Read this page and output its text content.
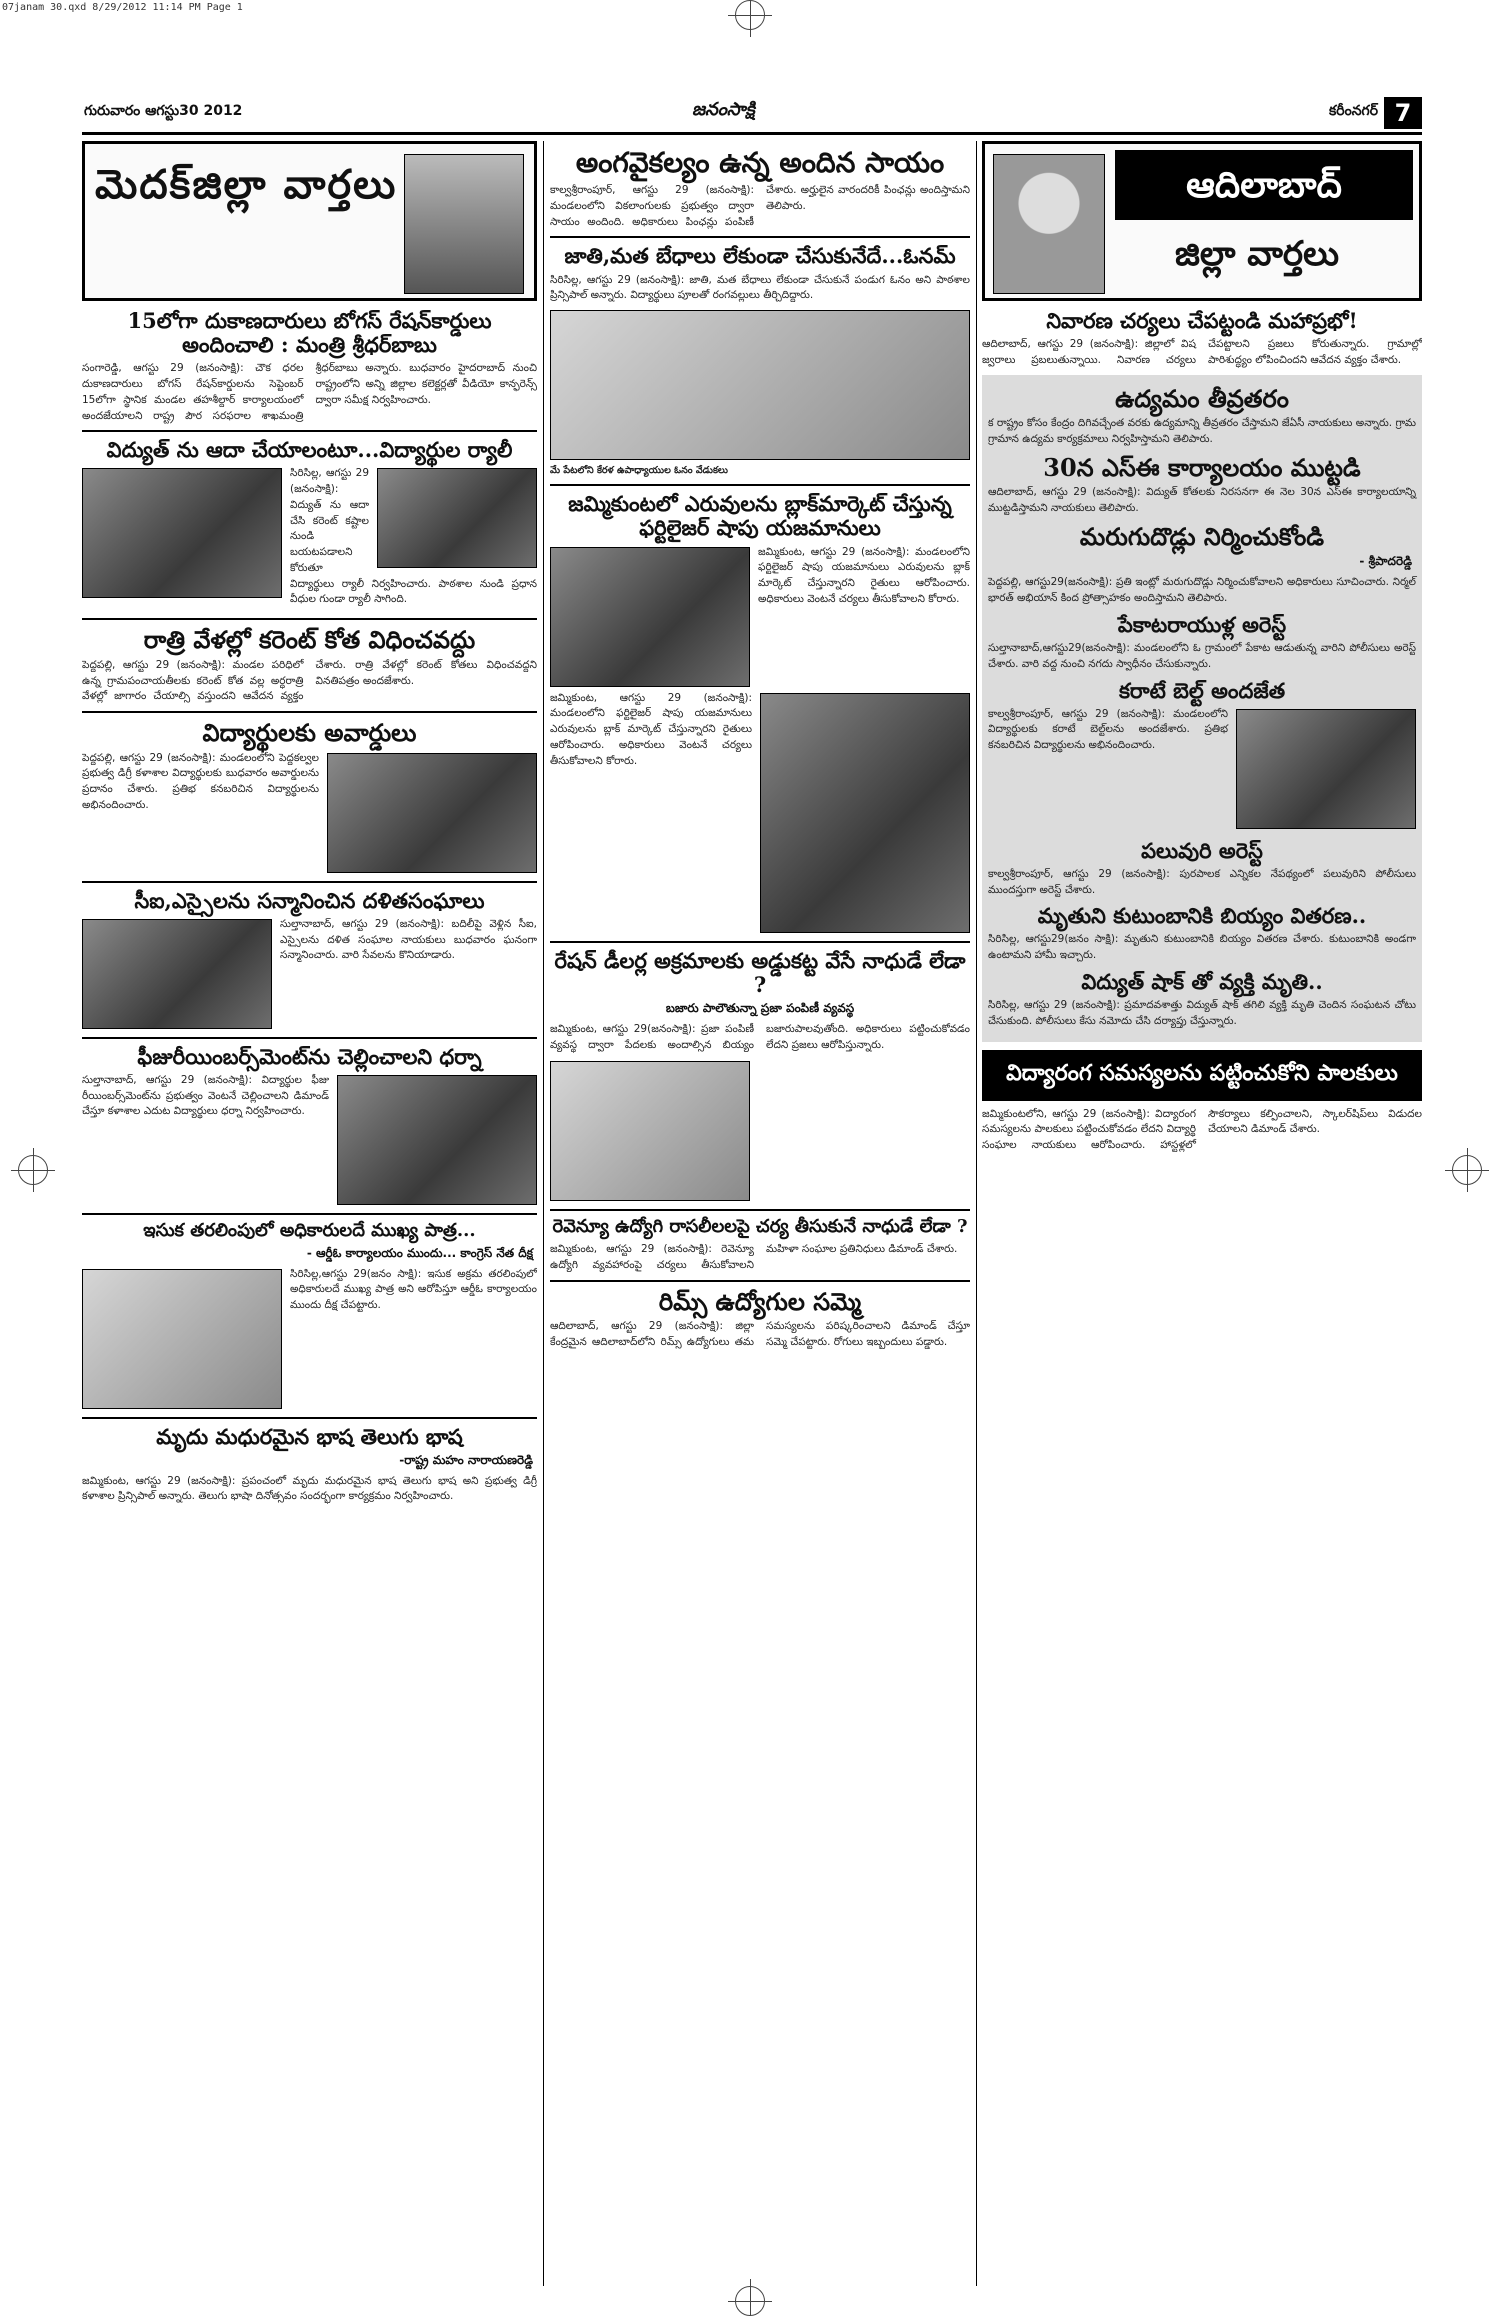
07janam 30.qxd 8/29/2012 11:14 PM Page 1
గురువారం ఆగస్టు30 2012	జనంసాక్షి	కరీంనగర్ 7
మెదక్‌జిల్లా వార్తలు
15లోగా దుకాణదారులు బోగస్ రేషన్‌కార్డులు అందించాలి : మంత్రి శ్రీధర్‌బాబు
సంగారెడ్డి, ఆగస్టు 29 (జనంసాక్షి): చౌక ధరల దుకాణదారులు బోగస్ రేషన్‌కార్డులను సెప్టెంబర్ 15లోగా స్థానిక మండల తహశీల్దార్ కార్యాలయంలో అందజేయాలని రాష్ట్ర పౌర సరఫరాల శాఖమంత్రి శ్రీధర్‌బాబు అన్నారు. బుధవారం హైదరాబాద్ నుంచి రాష్ట్రంలోని అన్ని జిల్లాల కలెక్టర్లతో వీడియో కాన్ఫరెన్స్ ద్వారా సమీక్ష నిర్వహించారు.
విద్యుత్ ను ఆదా చేయాలంటూ...విద్యార్థుల ర్యాలీ
సిరిసిల్ల, ఆగస్టు 29 (జనంసాక్షి): విద్యుత్ ను ఆదా చేసి కరెంట్ కష్టాల నుండి బయటపడాలని కోరుతూ విద్యార్థులు ర్యాలీ నిర్వహించారు. పాఠశాల నుండి ప్రధాన వీధుల గుండా ర్యాలీ సాగింది.
రాత్రి వేళల్లో కరెంట్ కోత విధించవద్దు
పెద్దపల్లి, ఆగస్టు 29 (జనంసాక్షి): మండల పరిధిలో ఉన్న గ్రామపంచాయతీలకు కరెంట్ కోత వల్ల అర్ధరాత్రి వేళల్లో జాగారం చేయాల్సి వస్తుందని ఆవేదన వ్యక్తం చేశారు. రాత్రి వేళల్లో కరెంట్ కోతలు విధించవద్దని వినతిపత్రం అందజేశారు.
విద్యార్థులకు అవార్డులు
పెద్దపల్లి, ఆగస్టు 29 (జనంసాక్షి): మండలంలోని పెద్దకల్వల ప్రభుత్వ డిగ్రీ కళాశాల విద్యార్థులకు బుధవారం అవార్డులను ప్రదానం చేశారు. ప్రతిభ కనబరిచిన విద్యార్థులను అభినందించారు.
సీఐ,ఎస్సైలను సన్మానించిన దళితసంఘాలు
సుల్తానాబాద్, ఆగస్టు 29 (జనంసాక్షి): బదిలీపై వెళ్లిన సీఐ, ఎస్సైలను దళిత సంఘాల నాయకులు బుధవారం ఘనంగా సన్మానించారు. వారి సేవలను కొనియాడారు.
ఫీజురీయింబర్స్‌మెంట్‌ను చెల్లించాలని ధర్నా
సుల్తానాబాద్, ఆగస్టు 29 (జనంసాక్షి): విద్యార్థుల ఫీజు రీయింబర్స్‌మెంట్‌ను ప్రభుత్వం వెంటనే చెల్లించాలని డిమాండ్ చేస్తూ కళాశాల ఎదుట విద్యార్థులు ధర్నా నిర్వహించారు.
ఇసుక తరలింపులో అధికారులదే ముఖ్య పాత్ర...
- ఆర్డీఓ కార్యాలయం ముందు... కాంగ్రెస్ నేత దీక్ష
సిరిసిల్ల,ఆగస్టు 29(జనం సాక్షి): ఇసుక అక్రమ తరలింపులో అధికారులదే ముఖ్య పాత్ర అని ఆరోపిస్తూ ఆర్డీఓ కార్యాలయం ముందు దీక్ష చేపట్టారు.
మృదు మధురమైన భాష తెలుగు భాష
-రాష్ట్ర మహం నారాయణరెడ్డి
జమ్మికుంట, ఆగస్టు 29 (జనంసాక్షి): ప్రపంచంలో మృదు మధురమైన భాష తెలుగు భాష అని ప్రభుత్వ డిగ్రీ కళాశాల ప్రిన్సిపాల్ అన్నారు. తెలుగు భాషా దినోత్సవం సందర్భంగా కార్యక్రమం నిర్వహించారు.
అంగవైకల్యం ఉన్న అందిన సాయం
కాల్వశ్రీరాంపూర్, ఆగస్టు 29 (జనంసాక్షి): మండలంలోని వికలాంగులకు ప్రభుత్వం ద్వారా సాయం అందింది. అధికారులు పింఛన్లు పంపిణీ చేశారు. అర్హులైన వారందరికీ పింఛన్లు అందిస్తామని తెలిపారు.
జాతి,మత బేధాలు లేకుండా చేసుకునేదే...ఓనమ్
సిరిసిల్ల, ఆగస్టు 29 (జనంసాక్షి): జాతి, మత బేధాలు లేకుండా చేసుకునే పండుగ ఓనం అని పాఠశాల ప్రిన్సిపాల్ అన్నారు. విద్యార్థులు పూలతో రంగవల్లులు తీర్చిదిద్దారు.
మే పేటలోని కేరళ ఉపాధ్యాయుల ఓనం వేడుకలు
జమ్మికుంటలో ఎరువులను బ్లాక్‌మార్కెట్ చేస్తున్న ఫర్టిలైజర్ షాపు యజమానులు
జమ్మికుంట, ఆగస్టు 29 (జనంసాక్షి): మండలంలోని ఫర్టిలైజర్ షాపు యజమానులు ఎరువులను బ్లాక్ మార్కెట్ చేస్తున్నారని రైతులు ఆరోపించారు. అధికారులు వెంటనే చర్యలు తీసుకోవాలని కోరారు.
జమ్మికుంట, ఆగస్టు 29 (జనంసాక్షి): మండలంలోని ఫర్టిలైజర్ షాపు యజమానులు ఎరువులను బ్లాక్ మార్కెట్ చేస్తున్నారని రైతులు ఆరోపించారు. అధికారులు వెంటనే చర్యలు తీసుకోవాలని కోరారు.
రేషన్ డీలర్ల అక్రమాలకు అడ్డుకట్ట వేసే నాధుడే లేడా ?
బజారు పాలౌతున్నా ప్రజా పంపిణీ వ్యవస్థ
జమ్మికుంట, ఆగస్టు 29(జనంసాక్షి): ప్రజా పంపిణీ వ్యవస్థ ద్వారా పేదలకు అందాల్సిన బియ్యం బజారుపాలవుతోంది. అధికారులు పట్టించుకోవడం లేదని ప్రజలు ఆరోపిస్తున్నారు.
రెవెన్యూ ఉద్యోగి రాసలీలలపై చర్య తీసుకునే నాధుడే లేడా ?
జమ్మికుంట, ఆగస్టు 29 (జనంసాక్షి): రెవెన్యూ ఉద్యోగి వ్యవహారంపై చర్యలు తీసుకోవాలని మహిళా సంఘాల ప్రతినిధులు డిమాండ్ చేశారు.
రిమ్స్ ఉద్యోగుల సమ్మె
ఆదిలాబాద్, ఆగస్టు 29 (జనంసాక్షి): జిల్లా కేంద్రమైన ఆదిలాబాద్‌లోని రిమ్స్ ఉద్యోగులు తమ సమస్యలను పరిష్కరించాలని డిమాండ్ చేస్తూ సమ్మె చేపట్టారు. రోగులు ఇబ్బందులు పడ్డారు.
ఆదిలాబాద్
జిల్లా వార్తలు
నివారణ చర్యలు చేపట్టండి మహాప్రభో!
ఆదిలాబాద్, ఆగస్టు 29 (జనంసాక్షి): జిల్లాలో విష జ్వరాలు ప్రబలుతున్నాయి. నివారణ చర్యలు చేపట్టాలని ప్రజలు కోరుతున్నారు. గ్రామాల్లో పారిశుద్ధ్యం లోపించిందని ఆవేదన వ్యక్తం చేశారు.
ఉద్యమం తీవ్రతరం
క రాష్ట్రం కోసం కేంద్రం దిగివచ్చేంత వరకు ఉద్యమాన్ని తీవ్రతరం చేస్తామని జేఏసీ నాయకులు అన్నారు. గ్రామ గ్రామాన ఉద్యమ కార్యక్రమాలు నిర్వహిస్తామని తెలిపారు.
30న ఎస్ఈ కార్యాలయం ముట్టడి
ఆదిలాబాద్, ఆగస్టు 29 (జనంసాక్షి): విద్యుత్ కోతలకు నిరసనగా ఈ నెల 30న ఎస్ఈ కార్యాలయాన్ని ముట్టడిస్తామని నాయకులు తెలిపారు.
మరుగుదొడ్లు నిర్మించుకోండి
- శ్రీపాదరెడ్డి
పెద్దపల్లి, ఆగస్టు29(జనంసాక్షి): ప్రతి ఇంట్లో మరుగుదొడ్లు నిర్మించుకోవాలని అధికారులు సూచించారు. నిర్మల్ భారత్ అభియాన్ కింద ప్రోత్సాహకం అందిస్తామని తెలిపారు.
పేకాటరాయుళ్ల అరెస్ట్
సుల్తానాబాద్,ఆగస్టు29(జనంసాక్షి): మండలంలోని ఓ గ్రామంలో పేకాట ఆడుతున్న వారిని పోలీసులు అరెస్ట్ చేశారు. వారి వద్ద నుంచి నగదు స్వాధీనం చేసుకున్నారు.
కరాటే బెల్ట్ అందజేత
కాల్వశ్రీరాంపూర్, ఆగస్టు 29 (జనంసాక్షి): మండలంలోని విద్యార్థులకు కరాటే బెల్ట్‌లను అందజేశారు. ప్రతిభ కనబరిచిన విద్యార్థులను అభినందించారు.
పలువురి అరెస్ట్
కాల్వశ్రీరాంపూర్, ఆగస్టు 29 (జనంసాక్షి): పురపాలక ఎన్నికల నేపథ్యంలో పలువురిని పోలీసులు ముందస్తుగా అరెస్ట్ చేశారు.
మృతుని కుటుంబానికి బియ్యం వితరణ..
సిరిసిల్ల, ఆగస్టు29(జనం సాక్షి): మృతుని కుటుంబానికి బియ్యం వితరణ చేశారు. కుటుంబానికి అండగా ఉంటామని హామీ ఇచ్చారు.
విద్యుత్ షాక్ తో వ్యక్తి మృతి..
సిరిసిల్ల, ఆగస్టు 29 (జనంసాక్షి): ప్రమాదవశాత్తు విద్యుత్ షాక్ తగిలి వ్యక్తి మృతి చెందిన సంఘటన చోటు చేసుకుంది. పోలీసులు కేసు నమోదు చేసి దర్యాప్తు చేస్తున్నారు.
విద్యారంగ సమస్యలను పట్టించుకోని పాలకులు
జమ్మికుంటలోని, ఆగస్టు 29 (జనంసాక్షి): విద్యారంగ సమస్యలను పాలకులు పట్టించుకోవడం లేదని విద్యార్థి సంఘాల నాయకులు ఆరోపించారు. హాస్టళ్లలో సౌకర్యాలు కల్పించాలని, స్కాలర్‌షిప్‌లు విడుదల చేయాలని డిమాండ్ చేశారు.
